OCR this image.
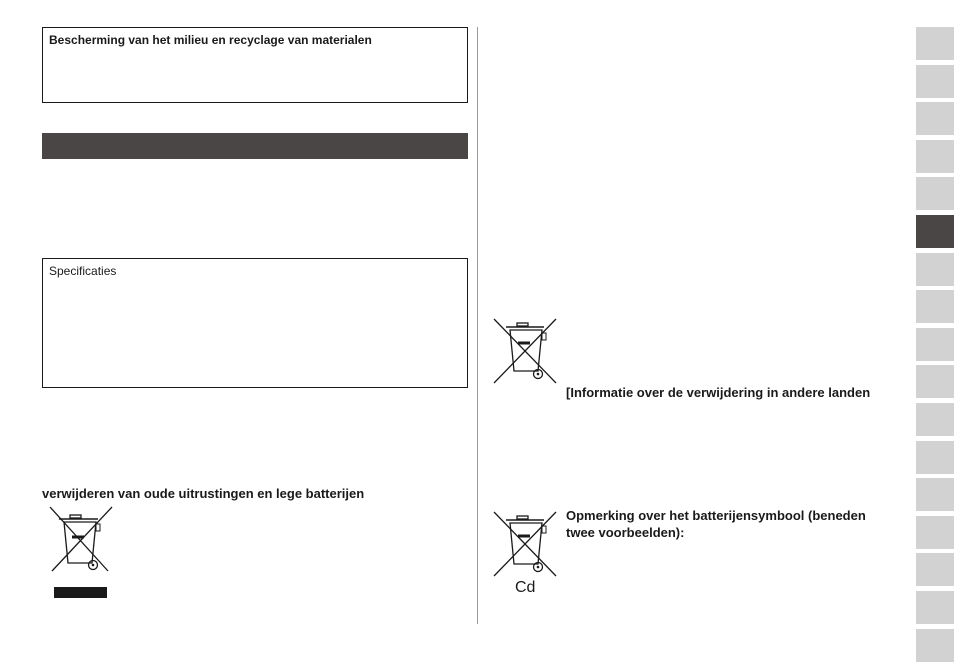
Bescherming van het milieu en recyclage van materialen
Specificaties
verwijderen van oude uitrustingen en lege batterijen
[Informatie over de verwijdering in andere landen
Cd
Opmerking over het batterijensymbool (beneden
twee voorbeelden):
